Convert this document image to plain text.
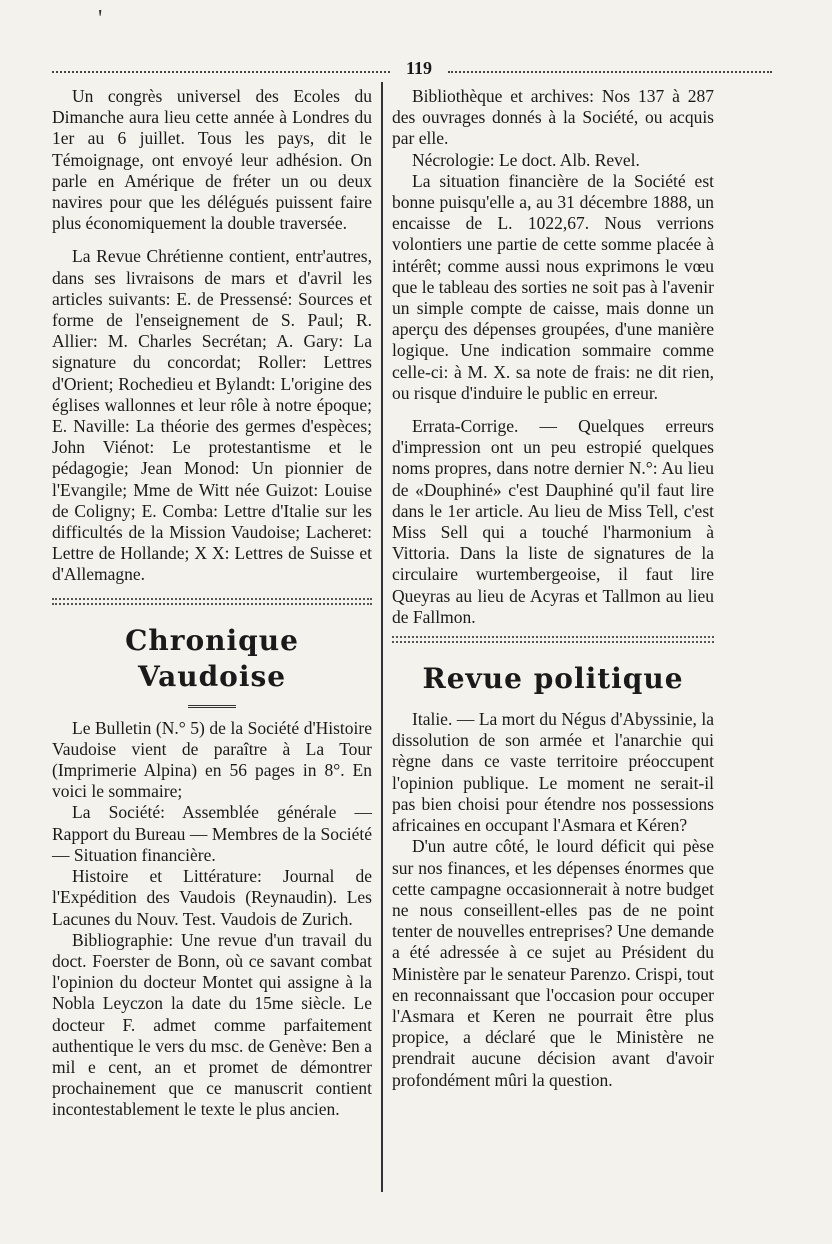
'
119

Un congrès universel des Ecoles du Dimanche aura lieu cette année à Londres du 1er au 6 juillet. Tous les pays, dit le Témoignage, ont envoyé leur adhésion. On parle en Amérique de fréter un ou deux navires pour que les délégués puissent faire plus économiquement la double traversée.

La Revue Chrétienne contient, entr'autres, dans ses livraisons de mars et d'avril les articles suivants: E. de Pressensé: Sources et forme de l'enseignement de S. Paul; R. Allier: M. Charles Secrétan; A. Gary: La signature du concordat; Roller: Lettres d'Orient; Rochedieu et Bylandt: L'origine des églises wallonnes et leur rôle à notre époque; E. Naville: La théorie des germes d'espèces; John Viénot: Le protestantisme et le pédagogie; Jean Monod: Un pionnier de l'Evangile; Mme de Witt née Guizot: Louise de Coligny; E. Comba: Lettre d'Italie sur les difficultés de la Mission Vaudoise; Lacheret: Lettre de Hollande; X X: Lettres de Suisse et d'Allemagne.

Chronique Vaudoise

Le Bulletin (N.° 5) de la Société d'Histoire Vaudoise vient de paraître à La Tour (Imprimerie Alpina) en 56 pages in 8°. En voici le sommaire;

La Société: Assemblée générale — Rapport du Bureau — Membres de la Société — Situation financière.

Histoire et Littérature: Journal de l'Expédition des Vaudois (Reynaudin). Les Lacunes du Nouv. Test. Vaudois de Zurich.

Bibliographie: Une revue d'un travail du doct. Foerster de Bonn, où ce savant combat l'opinion du docteur Montet qui assigne à la Nobla Leyczon la date du 15me siècle. Le docteur F. admet comme parfaitement authentique le vers du msc. de Genève: Ben a mil e cent, an et promet de démontrer prochainement que ce manuscrit contient incontestablement le texte le plus ancien.

Bibliothèque et archives: Nos 137 à 287 des ouvrages donnés à la Société, ou acquis par elle.

Nécrologie: Le doct. Alb. Revel.

La situation financière de la Société est bonne puisqu'elle a, au 31 décembre 1888, un encaisse de L. 1022,67. Nous verrions volontiers une partie de cette somme placée à intérêt; comme aussi nous exprimons le vœu que le tableau des sorties ne soit pas à l'avenir un simple compte de caisse, mais donne un aperçu des dépenses groupées, d'une manière logique. Une indication sommaire comme celle-ci: à M. X. sa note de frais: ne dit rien, ou risque d'induire le public en erreur.

Errata-Corrige. — Quelques erreurs d'impression ont un peu estropié quelques noms propres, dans notre dernier N.°: Au lieu de «Douphiné» c'est Dauphiné qu'il faut lire dans le 1er article. Au lieu de Miss Tell, c'est Miss Sell qui a touché l'harmonium à Vittoria. Dans la liste de signatures de la circulaire wurtembergeoise, il faut lire Queyras au lieu de Acyras et Tallmon au lieu de Fallmon.

Revue politique

Italie. — La mort du Négus d'Abyssinie, la dissolution de son armée et l'anarchie qui règne dans ce vaste territoire préoccupent l'opinion publique. Le moment ne serait-il pas bien choisi pour étendre nos possessions africaines en occupant l'Asmara et Kéren?

D'un autre côté, le lourd déficit qui pèse sur nos finances, et les dépenses énormes que cette campagne occasionnerait à notre budget ne nous conseillent-elles pas de ne point tenter de nouvelles entreprises? Une demande a été adressée à ce sujet au Président du Ministère par le senateur Parenzo. Crispi, tout en reconnaissant que l'occasion pour occuper l'Asmara et Keren ne pourrait être plus propice, a déclaré que le Ministère ne prendrait aucune décision avant d'avoir profondément mûri la question.
